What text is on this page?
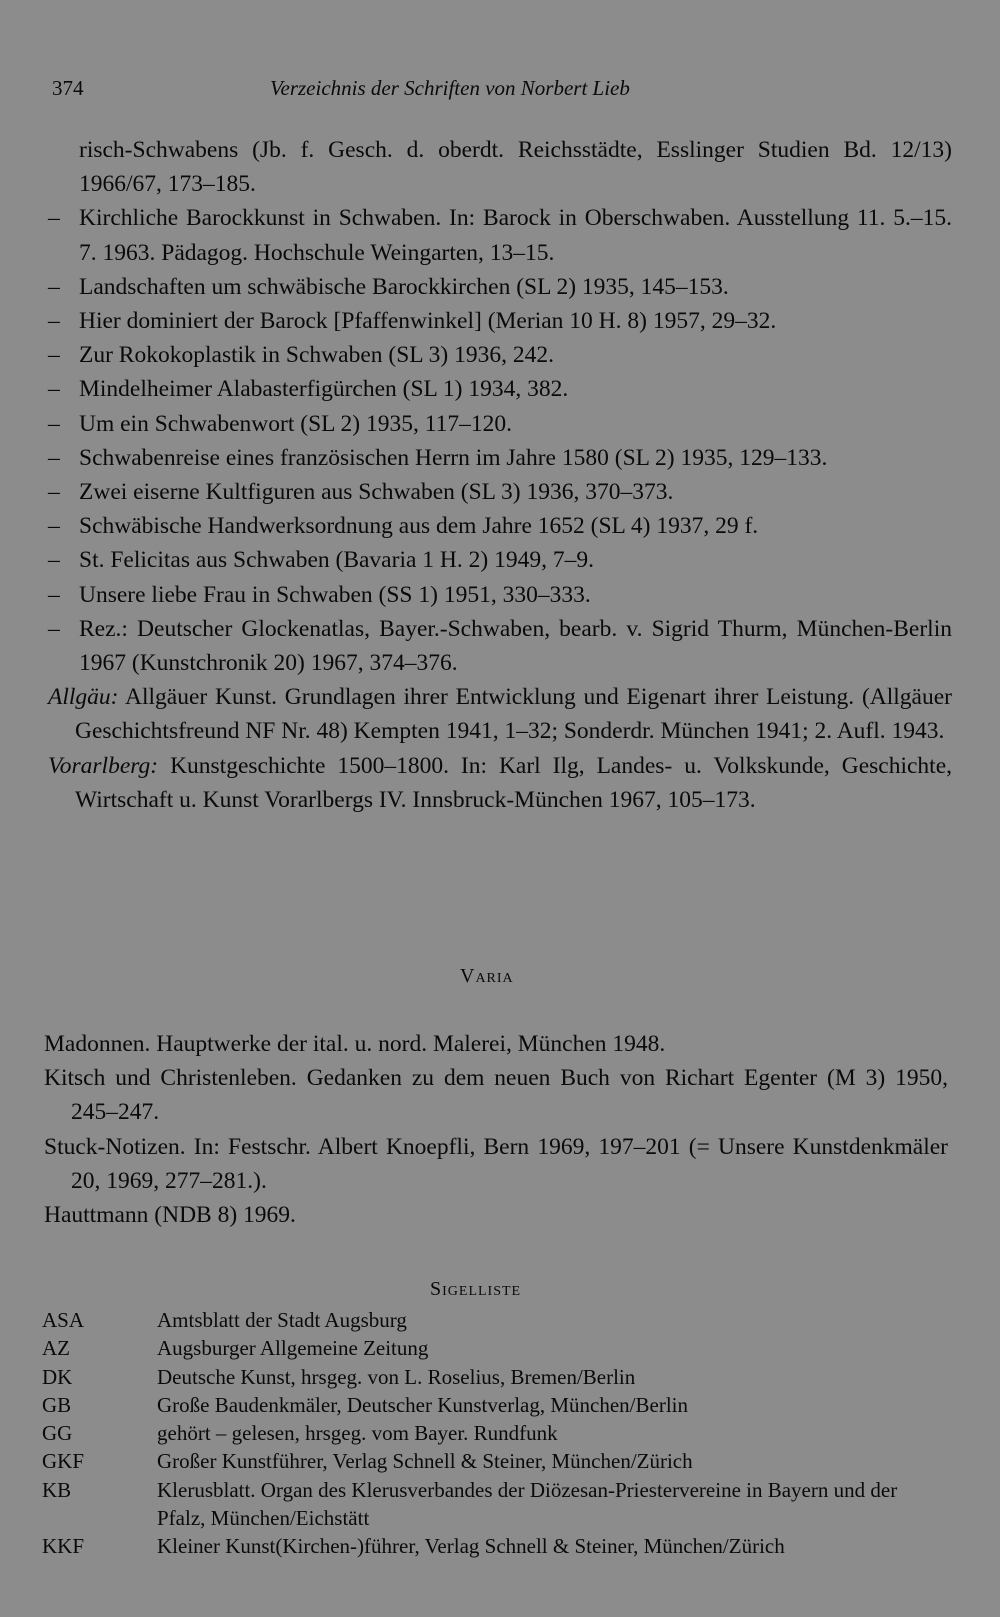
374	Verzeichnis der Schriften von Norbert Lieb
risch-Schwabens (Jb. f. Gesch. d. oberdt. Reichsstädte, Esslinger Studien Bd. 12/13) 1966/67, 173–185.
– Kirchliche Barockkunst in Schwaben. In: Barock in Oberschwaben. Ausstellung 11. 5.–15. 7. 1963. Pädagog. Hochschule Weingarten, 13–15.
– Landschaften um schwäbische Barockkirchen (SL 2) 1935, 145–153.
– Hier dominiert der Barock [Pfaffenwinkel] (Merian 10 H. 8) 1957, 29–32.
– Zur Rokokoplastik in Schwaben (SL 3) 1936, 242.
– Mindelheimer Alabasterfigürchen (SL 1) 1934, 382.
– Um ein Schwabenwort (SL 2) 1935, 117–120.
– Schwabenreise eines französischen Herrn im Jahre 1580 (SL 2) 1935, 129–133.
– Zwei eiserne Kultfiguren aus Schwaben (SL 3) 1936, 370–373.
– Schwäbische Handwerksordnung aus dem Jahre 1652 (SL 4) 1937, 29 f.
– St. Felicitas aus Schwaben (Bavaria 1 H. 2) 1949, 7–9.
– Unsere liebe Frau in Schwaben (SS 1) 1951, 330–333.
– Rez.: Deutscher Glockenatlas, Bayer.-Schwaben, bearb. v. Sigrid Thurm, München-Berlin 1967 (Kunstchronik 20) 1967, 374–376.
Allgäu: Allgäuer Kunst. Grundlagen ihrer Entwicklung und Eigenart ihrer Leistung. (Allgäuer Geschichtsfreund NF Nr. 48) Kempten 1941, 1–32; Sonderdr. München 1941; 2. Aufl. 1943.
Vorarlberg: Kunstgeschichte 1500–1800. In: Karl Ilg, Landes- u. Volkskunde, Geschichte, Wirtschaft u. Kunst Vorarlbergs IV. Innsbruck-München 1967, 105–173.
Varia
Madonnen. Hauptwerke der ital. u. nord. Malerei, München 1948.
Kitsch und Christenleben. Gedanken zu dem neuen Buch von Richart Egenter (M 3) 1950, 245–247.
Stuck-Notizen. In: Festschr. Albert Knoepfli, Bern 1969, 197–201 (= Unsere Kunstdenkmäler 20, 1969, 277–281.).
Hauttmann (NDB 8) 1969.
Sigelliste
ASA	Amtsblatt der Stadt Augsburg
AZ	Augsburger Allgemeine Zeitung
DK	Deutsche Kunst, hrsgeg. von L. Roselius, Bremen/Berlin
GB	Große Baudenkmäler, Deutscher Kunstverlag, München/Berlin
GG	gehört – gelesen, hrsgeg. vom Bayer. Rundfunk
GKF	Großer Kunstführer, Verlag Schnell & Steiner, München/Zürich
KB	Klerusblatt. Organ des Klerusverbandes der Diözesan-Priestervereine in Bayern und der Pfalz, München/Eichstätt
KKF	Kleiner Kunst(Kirchen-)führer, Verlag Schnell & Steiner, München/Zürich
